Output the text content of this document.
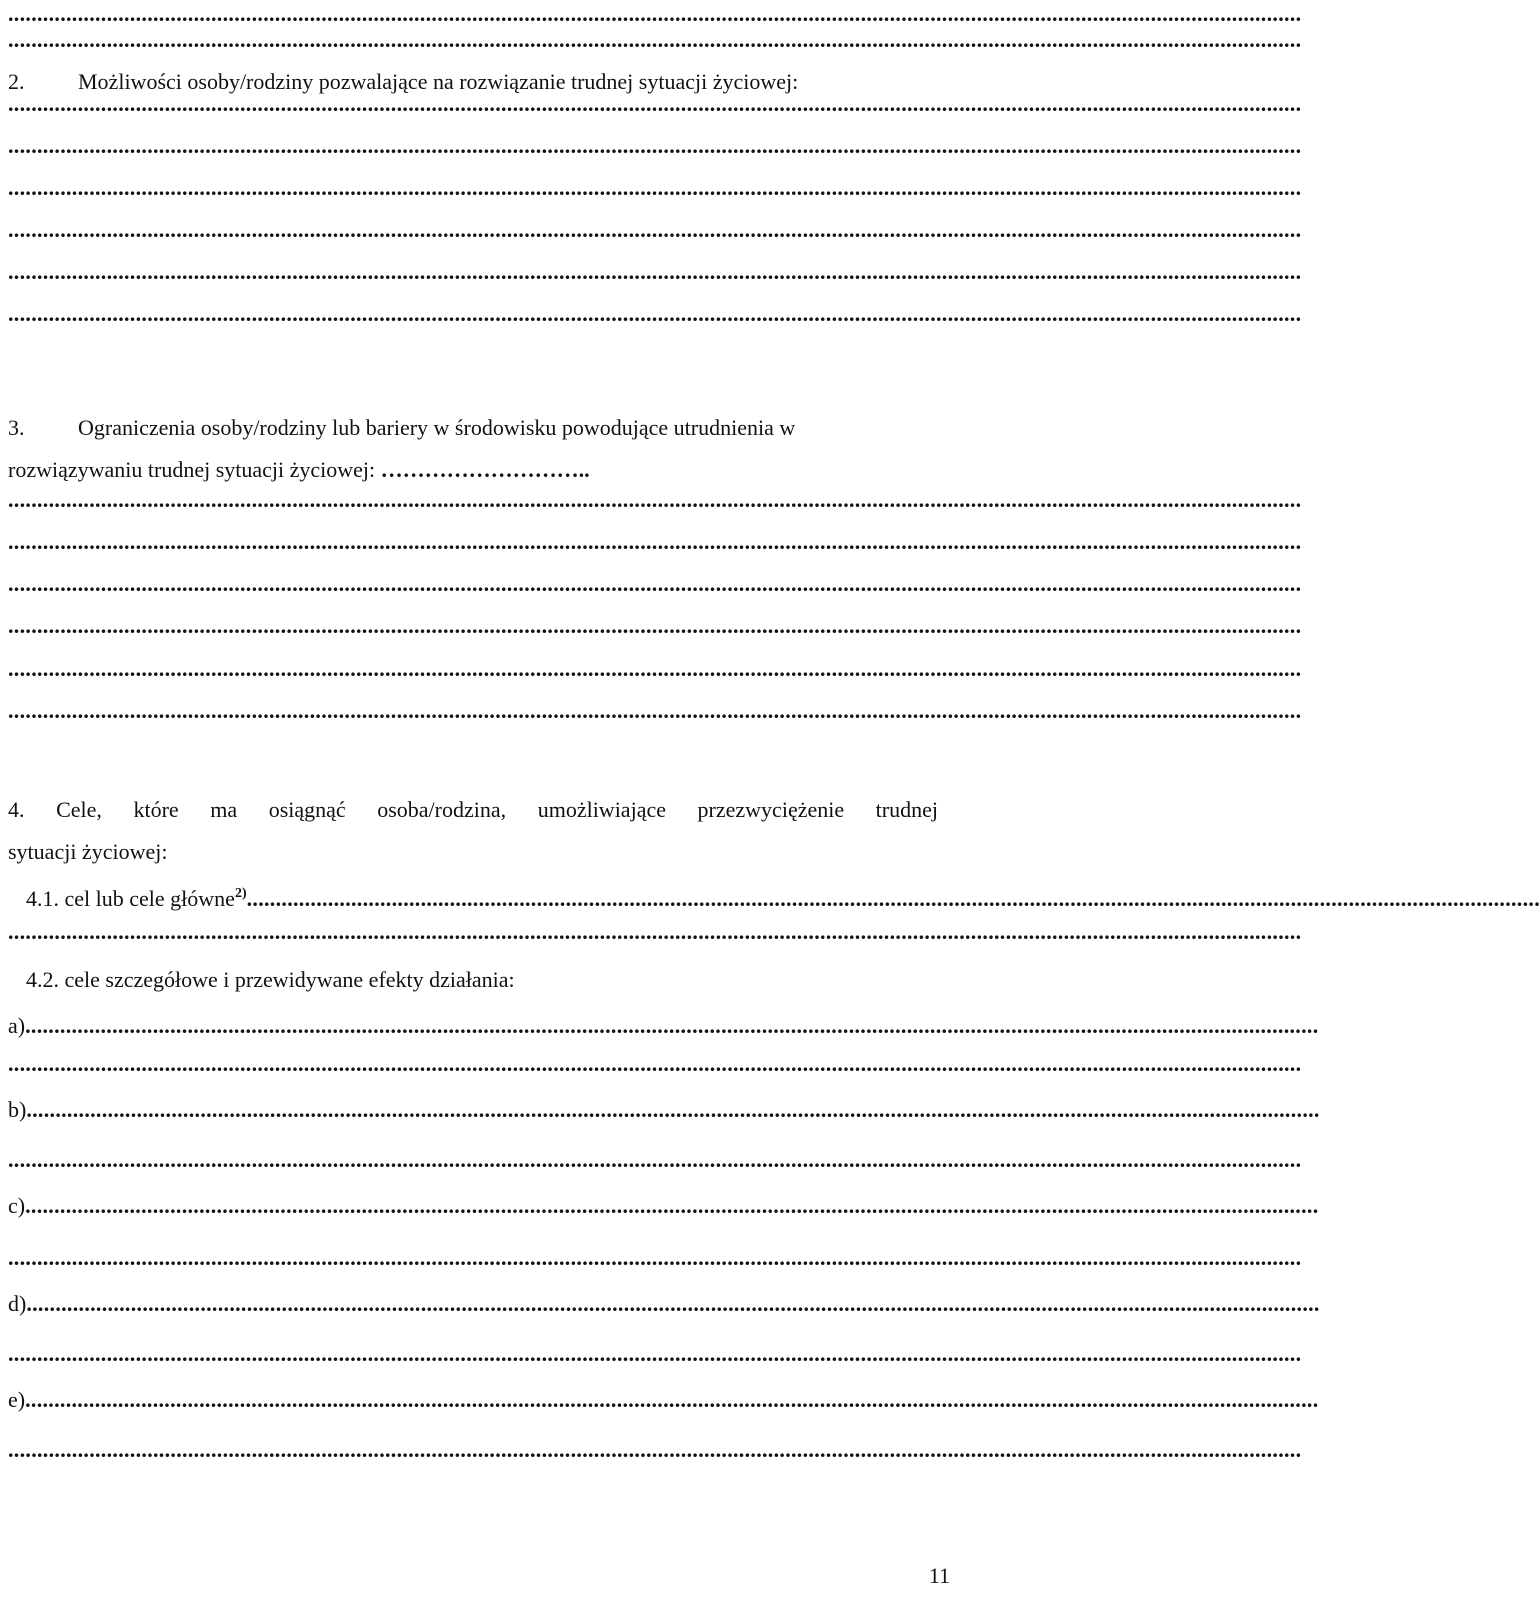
...............................................................................................................................................................................................................................
...............................................................................................................................................................................................................................
2. Możliwości osoby/rodziny pozwalające na rozwiązanie trudnej sytuacji życiowej:
...............................................................................................................................................................................................................................
...............................................................................................................................................................................................................................
...............................................................................................................................................................................................................................
...............................................................................................................................................................................................................................
...............................................................................................................................................................................................................................
...............................................................................................................................................................................................................................
3. Ograniczenia osoby/rodziny lub bariery w środowisku powodujące utrudnienia w
rozwiązywaniu trudnej sytuacji życiowej: ………………………..
...............................................................................................................................................................................................................................
...............................................................................................................................................................................................................................
...............................................................................................................................................................................................................................
...............................................................................................................................................................................................................................
...............................................................................................................................................................................................................................
...............................................................................................................................................................................................................................
4. Cele, które ma osiągnąć osoba/rodzina, umożliwiające przezwyciężenie trudnej
sytuacji życiowej:
4.1. cel lub cele główne$^{2)}$...............................................................................................................................................................................................................................
...............................................................................................................................................................................................................................
4.2. cele szczegółowe i przewidywane efekty działania:
a)...............................................................................................................................................................................................................................
...............................................................................................................................................................................................................................
b)...............................................................................................................................................................................................................................
...............................................................................................................................................................................................................................
c)...............................................................................................................................................................................................................................
...............................................................................................................................................................................................................................
d)...............................................................................................................................................................................................................................
...............................................................................................................................................................................................................................
e)...............................................................................................................................................................................................................................
...............................................................................................................................................................................................................................
11
